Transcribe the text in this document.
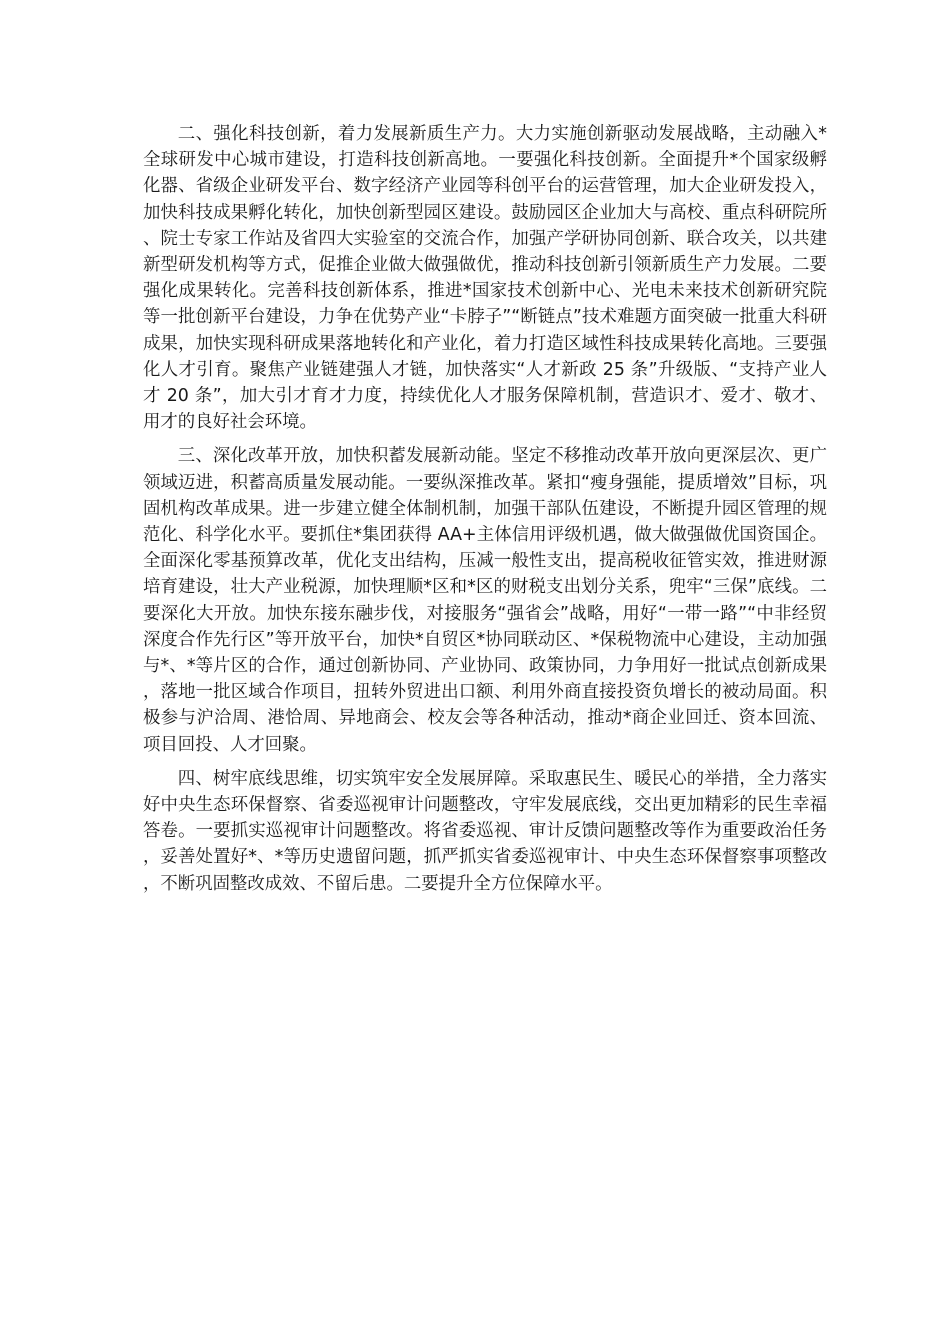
二、强化科技创新，着力发展新质生产力。大力实施创新驱动发展战略，主动融入*全球研发中心城市建设，打造科技创新高地。一要强化科技创新。全面提升*个国家级孵化器、省级企业研发平台、数字经济产业园等科创平台的运营管理，加大企业研发投入，加快科技成果孵化转化，加快创新型园区建设。鼓励园区企业加大与高校、重点科研院所、院士专家工作站及省四大实验室的交流合作，加强产学研协同创新、联合攻关，以共建新型研发机构等方式，促推企业做大做强做优，推动科技创新引领新质生产力发展。二要强化成果转化。完善科技创新体系，推进*国家技术创新中心、光电未来技术创新研究院等一批创新平台建设，力争在优势产业“卡脖子”“断链点”技术难题方面突破一批重大科研成果，加快实现科研成果落地转化和产业化，着力打造区域性科技成果转化高地。三要强化人才引育。聚焦产业链建强人才链，加快落实“人才新政 25 条”升级版、“支持产业人才 20 条”，加大引才育才力度，持续优化人才服务保障机制，营造识才、爱才、敬才、用才的良好社会环境。

三、深化改革开放，加快积蓄发展新动能。坚定不移推动改革开放向更深层次、更广领域迈进，积蓄高质量发展动能。一要纵深推改革。紧扣“瘦身强能，提质增效”目标，巩固机构改革成果。进一步建立健全体制机制，加强干部队伍建设，不断提升园区管理的规范化、科学化水平。要抓住*集团获得 AA+主体信用评级机遇，做大做强做优国资国企。全面深化零基预算改革，优化支出结构，压减一般性支出，提高税收征管实效，推进财源培育建设，壮大产业税源，加快理顺*区和*区的财税支出划分关系，兜牢“三保”底线。二要深化大开放。加快东接东融步伐，对接服务“强省会”战略，用好“一带一路”“中非经贸深度合作先行区”等开放平台，加快*自贸区*协同联动区、*保税物流中心建设，主动加强与*、*等片区的合作，通过创新协同、产业协同、政策协同，力争用好一批试点创新成果，落地一批区域合作项目，扭转外贸进出口额、利用外商直接投资负增长的被动局面。积极参与沪洽周、港恰周、异地商会、校友会等各种活动，推动*商企业回迁、资本回流、项目回投、人才回聚。

四、树牢底线思维，切实筑牢安全发展屏障。采取惠民生、暖民心的举措，全力落实好中央生态环保督察、省委巡视审计问题整改，守牢发展底线，交出更加精彩的民生幸福答卷。一要抓实巡视审计问题整改。将省委巡视、审计反馈问题整改等作为重要政治任务，妥善处置好*、*等历史遗留问题，抓严抓实省委巡视审计、中央生态环保督察事项整改，不断巩固整改成效、不留后患。二要提升全方位保障水平。
